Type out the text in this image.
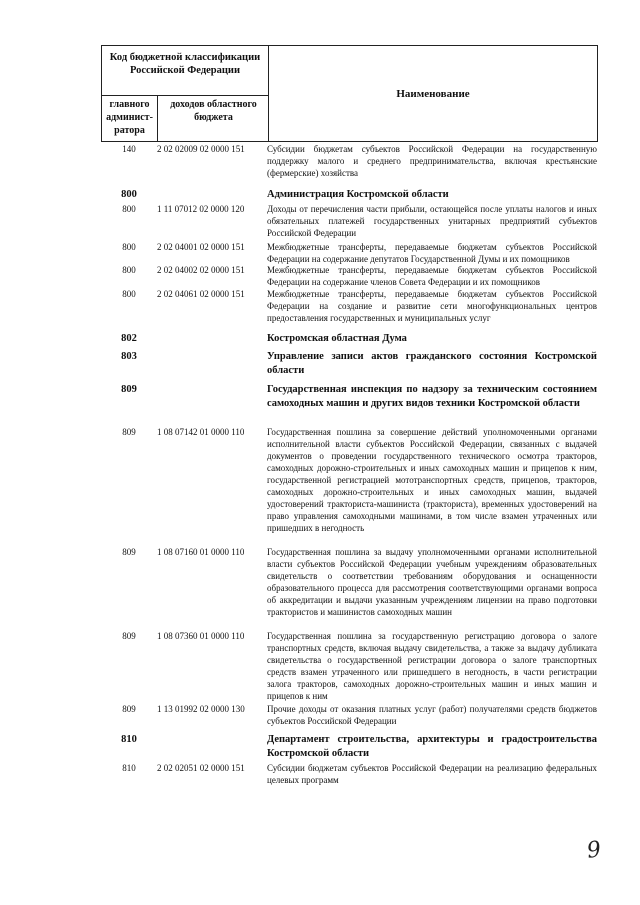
Код бюджетной классификации Российской Федерации
главного админист- ратора
доходов областного бюджета
Наименование
140	2 02 02009 02 0000 151	Субсидии бюджетам субъектов Российской Федерации на государственную поддержку малого и среднего предпринимательства, включая крестьянские (фермерские) хозяйства
800	Администрация Костромской области
800	1 11 07012 02 0000 120	Доходы от перечисления части прибыли, остающейся после уплаты налогов и иных обязательных платежей государственных унитарных предприятий субъектов Российской Федерации
800	2 02 04001 02 0000 151	Межбюджетные трансферты, передаваемые бюджетам субъектов Российской Федерации на содержание депутатов Государственной Думы и их помощников
800	2 02 04002 02 0000 151	Межбюджетные трансферты, передаваемые бюджетам субъектов Российской Федерации на содержание членов Совета Федерации и их помощников
800	2 02 04061 02 0000 151	Межбюджетные трансферты, передаваемые бюджетам субъектов Российской Федерации на создание и развитие сети многофункциональных центров предоставления государственных и муниципальных услуг
802	Костромская областная Дума
803	Управление записи актов гражданского состояния Костромской области
809	Государственная инспекция по надзору за техническим состоянием самоходных машин и других видов техники Костромской области
809	1 08 07142 01 0000 110	Государственная пошлина за совершение действий уполномоченными органами исполнительной власти субъектов Российской Федерации, связанных с выдачей документов о проведении государственного технического осмотра тракторов, самоходных дорожно-строительных и иных самоходных машин и прицепов к ним, государственной регистрацией мототранспортных средств, прицепов, тракторов, самоходных дорожно-строительных и иных самоходных машин, выдачей удостоверений тракториста-машиниста (тракториста), временных удостоверений на право управления самоходными машинами, в том числе взамен утраченных или пришедших в негодность
809	1 08 07160 01 0000 110	Государственная пошлина за выдачу уполномоченными органами исполнительной власти субъектов Российской Федерации учебным учреждениям образовательных свидетельств о соответствии требованиям оборудования и оснащенности образовательного процесса для рассмотрения соответствующими органами вопроса об аккредитации и выдачи указанным учреждениям лицензии на право подготовки трактористов и машинистов самоходных машин
809	1 08 07360 01 0000 110	Государственная пошлина за государственную регистрацию договора о залоге транспортных средств, включая выдачу свидетельства, а также за выдачу дубликата свидетельства о государственной регистрации договора о залоге транспортных средств взамен утраченного или пришедшего в негодность, в части регистрации залога тракторов, самоходных дорожно-строительных машин и иных машин и прицепов к ним
809	1 13 01992 02 0000 130	Прочие доходы от оказания платных услуг (работ) получателями средств бюджетов субъектов Российской Федерации
810	Департамент строительства, архитектуры и градостроительства Костромской области
810	2 02 02051 02 0000 151	Субсидии бюджетам субъектов Российской Федерации на реализацию федеральных целевых программ
9
